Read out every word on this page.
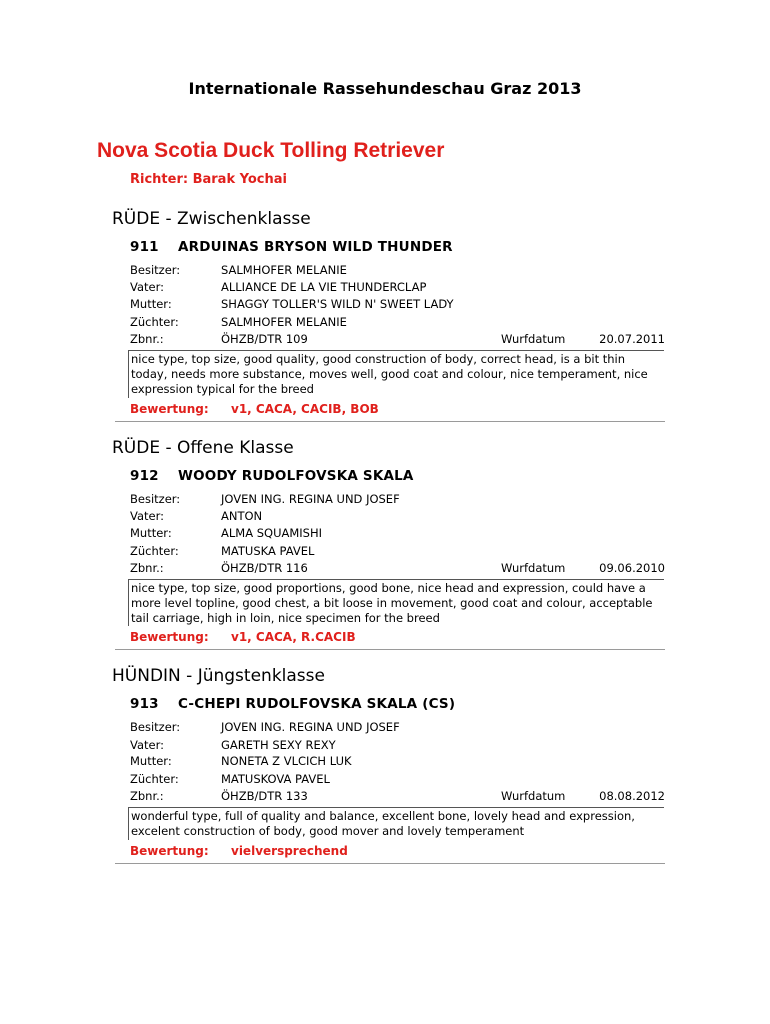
Internationale Rassehundeschau Graz 2013
Nova Scotia Duck Tolling Retriever
Richter: Barak Yochai
RÜDE - Zwischenklasse
911 ARDUINAS BRYSON WILD THUNDER
Besitzer:	SALMHOFER MELANIE
Vater:	ALLIANCE DE LA VIE THUNDERCLAP
Mutter:	SHAGGY TOLLER'S WILD N' SWEET LADY
Züchter:	SALMHOFER MELANIE
Zbnr.:	ÖHZB/DTR 109	Wurfdatum	20.07.2011
nice type, top size, good quality, good construction of body, correct head, is a bit thin today, needs more substance, moves well, good coat and colour, nice temperament, nice expression typical for the breed
Bewertung: v1, CACA, CACIB, BOB
RÜDE - Offene Klasse
912 WOODY RUDOLFOVSKA SKALA
Besitzer:	JOVEN ING. REGINA UND JOSEF
Vater:	ANTON
Mutter:	ALMA SQUAMISHI
Züchter:	MATUSKA PAVEL
Zbnr.:	ÖHZB/DTR 116	Wurfdatum	09.06.2010
nice type, top size, good proportions, good bone, nice head and expression, could have a more level topline, good chest, a bit loose in movement, good coat and colour, acceptable tail carriage, high in loin, nice specimen for the breed
Bewertung: v1, CACA, R.CACIB
HÜNDIN - Jüngstenklasse
913 C-CHEPI RUDOLFOVSKA SKALA (CS)
Besitzer:	JOVEN ING. REGINA UND JOSEF
Vater:	GARETH SEXY REXY
Mutter:	NONETA Z VLCICH LUK
Züchter:	MATUSKOVA PAVEL
Zbnr.:	ÖHZB/DTR 133	Wurfdatum	08.08.2012
wonderful type, full of quality and balance, excellent bone, lovely head and expression, excelent construction of body, good mover and lovely temperament
Bewertung: vielversprechend
